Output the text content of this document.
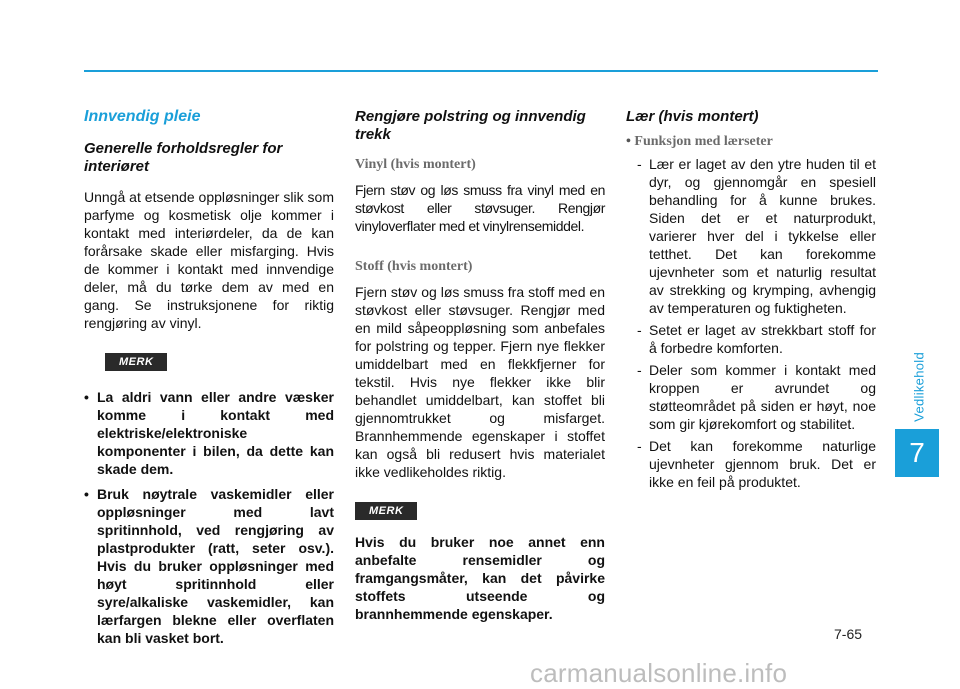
Innvendig pleie
Generelle forholdsregler for interiøret

Unngå at etsende oppløsninger slik som parfyme og kosmetisk olje kommer i kontakt med interiørdeler, da de kan forårsake skade eller misfarging. Hvis de kommer i kontakt med innvendige deler, må du tørke dem av med en gang. Se instruksjonene for riktig rengjøring av vinyl.

MERK
• La aldri vann eller andre væsker komme i kontakt med elektriske/elektroniske komponenter i bilen, da dette kan skade dem.
• Bruk nøytrale vaskemidler eller oppløsninger med lavt spritinnhold, ved rengjøring av plastprodukter (ratt, seter osv.). Hvis du bruker oppløsninger med høyt spritinnhold eller syre/alkaliske vaskemidler, kan lærfargen blekne eller overflaten kan bli vasket bort.
Rengjøre polstring og innvendig trekk
Vinyl (hvis montert)

Fjern støv og løs smuss fra vinyl med en støvkost eller støvsuger. Rengjør vinyloverflater med et vinylrensemiddel.

Stoff (hvis montert)

Fjern støv og løs smuss fra stoff med en støvkost eller støvsuger. Rengjør med en mild såpeoppløsning som anbefales for polstring og tepper. Fjern nye flekker umiddelbart med en flekkfjerner for tekstil. Hvis nye flekker ikke blir behandlet umiddelbart, kan stoffet bli gjennomtrukket og misfarget. Brannhemmende egenskaper i stoffet kan også bli redusert hvis materialet ikke vedlikeholdes riktig.

MERK

Hvis du bruker noe annet enn anbefalte rensemidler og framgangsmåter, kan det påvirke stoffets utseende og brannhemmende egenskaper.

Lær (hvis montert)

• Funksjon med lærseter

- Lær er laget av den ytre huden til et dyr, og gjennomgår en spesiell behandling for å kunne brukes. Siden det er et naturprodukt, varierer hver del i tykkelse eller tetthet. Det kan forekomme ujevnheter som et naturlig resultat av strekking og krymping, avhengig av temperaturen og fuktigheten.
- Setet er laget av strekkbart stoff for å forbedre komforten.
- Deler som kommer i kontakt med kroppen er avrundet og støtteområdet på siden er høyt, noe som gir kjørekomfort og stabilitet.
- Det kan forekomme naturlige ujevnheter gjennom bruk. Det er ikke en feil på produktet.
Vedlikehold
7
7-65
carmanualsonline.info
